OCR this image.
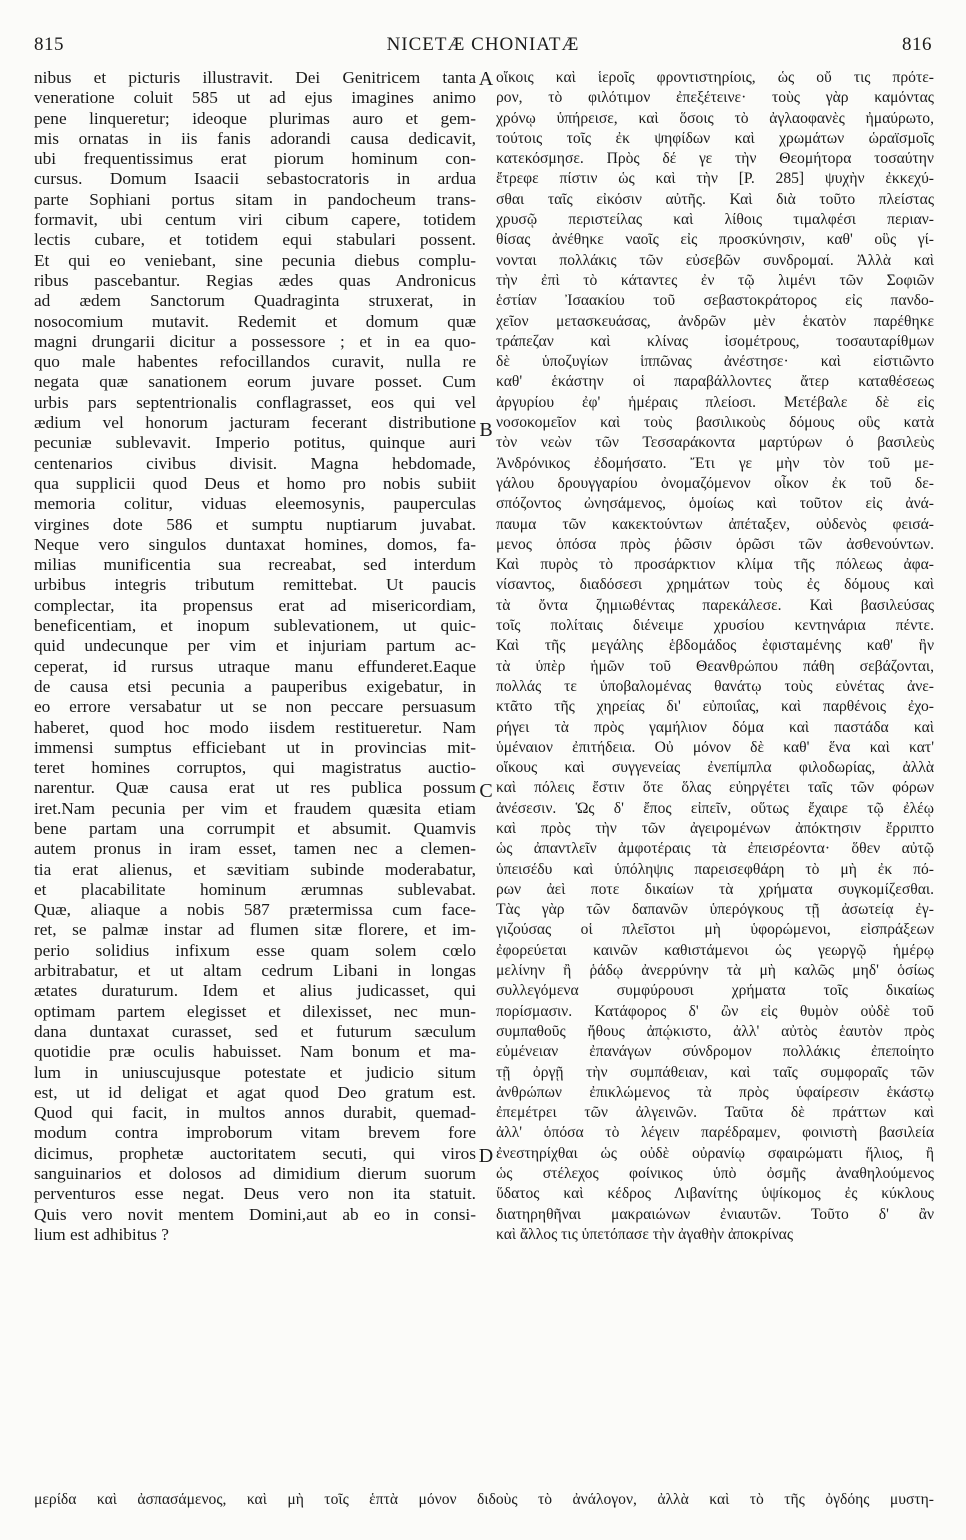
815	NICETÆ CHONIATÆ	816
nibus et picturis illustravit. Dei Genitricem tanta
veneratione coluit 585 ut ad ejus imagines animo
pene linqueretur; ideoque plurimas auro et gem-
mis ornatas in iis fanis adorandi causa dedicavit,
ubi frequentissimus erat piorum hominum con-
cursus. Domum Isaacii sebastocratoris in ardua
parte Sophiani portus sitam in pandocheum trans-
formavit, ubi centum viri cibum capere, totidem
lectis cubare, et totidem equi stabulari possent.
Et qui eo veniebant, sine pecunia diebus complu-
ribus pascebantur. Regias ædes quas Andronicus
ad ædem Sanctorum Quadraginta struxerat, in
nosocomium mutavit. Redemit et domum quæ
magni drungarii dicitur a possessore ; et in ea quo-
quo male habentes refocillandos curavit, nulla re
negata quæ sanationem eorum juvare posset. Cum
urbis pars septentrionalis conflagrasset, eos qui vel
ædium vel honorum jacturam fecerant distributione
pecuniæ sublevavit. Imperio potitus, quinque auri
centenarios civibus divisit. Magna hebdomade,
qua supplicii quod Deus et homo pro nobis subiit
memoria colitur, viduas eleemosynis, pauperculas
virgines dote 586 et sumptu nuptiarum juvabat.
Neque vero singulos duntaxat homines, domos, fa-
milias munificentia sua recreabat, sed interdum
urbibus integris tributum remittebat. Ut paucis
complectar, ita propensus erat ad misericordiam,
beneficentiam, et inopum sublevationem, ut quic-
quid undecunque per vim et injuriam partum ac-
ceperat, id rursus utraque manu effunderet.Eaque
de causa etsi pecunia a pauperibus exigebatur, in
eo errore versabatur ut se non peccare persuasum
haberet, quod hoc modo iisdem restitueretur. Nam
immensi sumptus efficiebant ut in provincias mit-
teret homines corruptos, qui magistratus auctio-
narentur. Quæ causa erat ut res publica possum
iret.Nam pecunia per vim et fraudem quæsita etiam
bene partam una corrumpit et absumit. Quamvis
autem pronus in iram esset, tamen nec a clemen-
tia erat alienus, et sævitiam subinde moderabatur,
et placabilitate hominum ærumnas sublevabat.
Quæ, aliaque a nobis 587 prætermissa cum face-
ret, se palmæ instar ad flumen sitæ florere, et im-
perio solidius infixum esse quam solem cœlo
arbitrabatur, et ut altam cedrum Libani in longas
ætates duraturum. Idem et alius judicasset, qui
optimam partem elegisset et dilexisset, nec mun-
dana duntaxat curasset, sed et futurum sæculum
quotidie præ oculis habuisset. Nam bonum et ma-
lum in uniuscujusque potestate et judicio situm
est, ut id deligat et agat quod Deo gratum est.
Quod qui facit, in multos annos durabit, quemad-
modum contra improborum vitam brevem fore
dicimus, prophetæ auctoritatem secuti, qui viros
sanguinarios et dolosos ad dimidium dierum suorum
perventuros esse negat. Deus vero non ita statuit.
Quis vero novit mentem Domini,aut ab eo in consi-
lium est adhibitus ?
οἴκοις καὶ ἱεροῖς φροντιστηρίοις, ὡς οὔ τις πρότε-
ρον, τὸ φιλότιμον ἐπεξέτεινε· τοὺς γὰρ καμόντας
χρόνῳ ὑπήρεισε, καὶ ὅσοις τὸ ἀγλαοφανὲς ἠμαύρωτο,
τούτοις τοῖς ἐκ ψηφίδων καὶ χρωμάτων ὡραϊσμοῖς
κατεκόσμησε. Πρὸς δέ γε τὴν Θεομήτορα τοσαύτην
ἔτρεφε πίστιν ὡς καὶ τὴν [P. 285] ψυχὴν ἐκκεχύ-
σθαι ταῖς εἰκόσιν αὐτῆς. Καὶ διὰ τοῦτο πλείστας
χρυσῷ περιστείλας καὶ λίθοις τιμαλφέσι περιαν-
θίσας ἀνέθηκε ναοῖς εἰς προσκύνησιν, καθ' οὓς γί-
νονται πολλάκις τῶν εὐσεβῶν συνδρομαί. Ἀλλὰ καὶ
τὴν ἐπὶ τὸ κάταντες ἐν τῷ λιμένι τῶν Σοφιῶν
ἑστίαν Ἰσαακίου τοῦ σεβαστοκράτορος εἰς πανδο-
χεῖον μετασκευάσας, ἀνδρῶν μὲν ἑκατὸν παρέθηκε
τράπεζαν καὶ κλίνας ἰσομέτρους, τοσαυταρίθμων
δὲ ὑποζυγίων ἱππῶνας ἀνέστησε· καὶ εἱστιῶντο
καθ' ἑκάστην οἱ παραβάλλοντες ἄτερ καταθέσεως
ἀργυρίου ἐφ' ἡμέραις πλείοσι. Μετέβαλε δὲ εἰς
νοσοκομεῖον καὶ τοὺς βασιλικοὺς δόμους οὓς κατὰ
τὸν νεὼν τῶν Τεσσαράκοντα μαρτύρων ὁ βασιλεὺς
Ἀνδρόνικος ἐδομήσατο. Ἔτι γε μὴν τὸν τοῦ με-
γάλου δρουγγαρίου ὀνομαζόμενον οἶκον ἐκ τοῦ δε-
σπόζοντος ὠνησάμενος, ὁμοίως καὶ τοῦτον εἰς ἀνά-
παυμα τῶν κακεκτούντων ἀπέταξεν, οὐδενὸς φεισά-
μενος ὁπόσα πρὸς ῥῶσιν ὁρῶσι τῶν ἀσθενούντων.
Καὶ πυρὸς τὸ προσάρκτιον κλίμα τῆς πόλεως ἀφα-
νίσαντος, διαδόσεσι χρημάτων τοὺς ἐς δόμους καὶ
τὰ ὄντα ζημιωθέντας παρεκάλεσε. Καὶ βασιλεύσας
τοῖς πολίταις διένειμε χρυσίου κεντηνάρια πέντε.
Καὶ τῆς μεγάλης ἑβδομάδος ἐφισταμένης καθ' ἣν
τὰ ὑπὲρ ἡμῶν τοῦ Θεανθρώπου πάθη σεβάζονται,
πολλάς τε ὑποβαλομένας θανάτῳ τοὺς εὐνέτας ἀνε-
κτᾶτο τῆς χηρείας δι' εὐποιΐας, καὶ παρθένοις ἐχο-
ρήγει τὰ πρὸς γαμήλιον δόμα καὶ παστάδα καὶ
ὑμέναιον ἐπιτήδεια. Οὐ μόνον δὲ καθ' ἕνα καὶ κατ'
οἴκους καὶ συγγενείας ἐνεπίμπλα φιλοδωρίας, ἀλλὰ
καὶ πόλεις ἔστιν ὅτε ὅλας εὐηργέτει ταῖς τῶν φόρων
ἀνέσεσιν. Ὡς δ' ἔπος εἰπεῖν, οὕτως ἔχαιρε τῷ ἐλέῳ
καὶ πρὸς τὴν τῶν ἀγειρομένων ἀπόκτησιν ἔρριπτο
ὡς ἀπαντλεῖν ἀμφοτέραις τὰ ἐπεισρέοντα· ὅθεν αὐτῷ
ὑπεισέδυ καὶ ὑπόληψις παρεισεφθάρη τὸ μὴ ἐκ πό-
ρων ἀεὶ ποτε δικαίων τὰ χρήματα συγκομίζεσθαι.
Τὰς γὰρ τῶν δαπανῶν ὑπερόγκους τῇ ἀσωτείᾳ ἐγ-
γιζούσας οἱ πλεῖστοι μὴ ὑφορώμενοι, εἰσπράξεων
ἐφορεύεται καινῶν καθιστάμενοι ὡς γεωργῷ ἡμέρῳ
μελίνην ἢ ῥάδῳ ἀνερρύνην τὰ μὴ καλῶς μηδ' ὁσίως
συλλεγόμενα συμφύρουσι χρήματα τοῖς δικαίως
πορίσμασιν. Κατάφορος δ' ὢν εἰς θυμὸν οὐδὲ τοῦ
συμπαθοῦς ἤθους ἀπῴκιστο, ἀλλ' αὐτὸς ἑαυτὸν πρὸς
εὐμένειαν ἐπανάγων σύνδρομον πολλάκις ἐπεποίητο
τῇ ὀργῇ τὴν συμπάθειαν, καὶ ταῖς συμφοραῖς τῶν
ἀνθρώπων ἐπικλώμενος τὰ πρὸς ὑφαίρεσιν ἑκάστῳ
ἐπεμέτρει τῶν ἀλγεινῶν. Ταῦτα δὲ πράττων καὶ
ἀλλ' ὁπόσα τὸ λέγειν παρέδραμεν, φοινιστὴ βασιλεία
ἐνεστηρίχθαι ὡς οὐδὲ οὐρανίῳ σφαιρώματι ἥλιος, ἢ
ὡς στέλεχος φοίνικος ὑπὸ ὀσμῆς ἀναθηλούμενος
ὕδατος καὶ κέδρος Λιβανίτης ὑψίκομος ἐς κύκλους
διατηρηθῆναι μακραιώνων ἐνιαυτῶν. Τοῦτο δ' ἂν
καὶ ἄλλος τις ὑπετόπασε τὴν ἀγαθὴν ἀποκρίνας
A
B
C
D
μερίδα καὶ ἀσπασάμενος, καὶ μὴ τοῖς ἑπτὰ μόνον διδοὺς τὸ ἀνάλογον, ἀλλὰ καὶ τὸ τῆς ὀγδόης μυστη-
